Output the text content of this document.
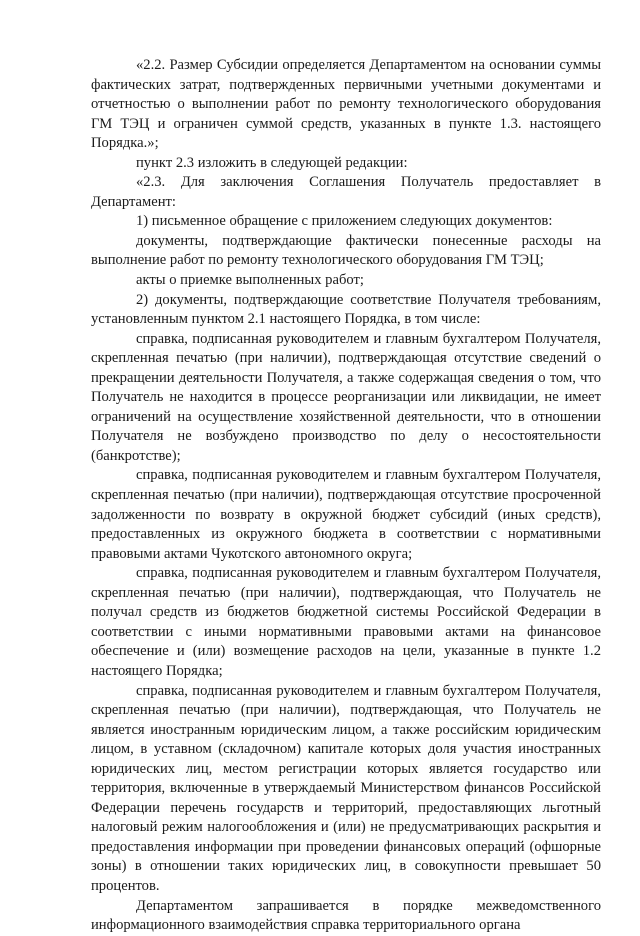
«2.2. Размер Субсидии определяется Департаментом на основании суммы фактических затрат, подтвержденных первичными учетными документами и отчетностью о выполнении работ по ремонту технологического оборудования ГМ ТЭЦ и ограничен суммой средств, указанных в пункте 1.3. настоящего Порядка.»;

пункт 2.3 изложить в следующей редакции:

«2.3. Для заключения Соглашения Получатель предоставляет в Департамент:

1) письменное обращение с приложением следующих документов:

документы, подтверждающие фактически понесенные расходы на выполнение работ по ремонту технологического оборудования ГМ ТЭЦ;

акты о приемке выполненных работ;

2) документы, подтверждающие соответствие Получателя требованиям, установленным пунктом 2.1 настоящего Порядка, в том числе:

справка, подписанная руководителем и главным бухгалтером Получателя, скрепленная печатью (при наличии), подтверждающая отсутствие сведений о прекращении деятельности Получателя, а также содержащая сведения о том, что Получатель не находится в процессе реорганизации или ликвидации, не имеет ограничений на осуществление хозяйственной деятельности, что в отношении Получателя не возбуждено производство по делу о несостоятельности (банкротстве);

справка, подписанная руководителем и главным бухгалтером Получателя, скрепленная печатью (при наличии), подтверждающая отсутствие просроченной задолженности по возврату в окружной бюджет субсидий (иных средств), предоставленных из окружного бюджета в соответствии с нормативными правовыми актами Чукотского автономного округа;

справка, подписанная руководителем и главным бухгалтером Получателя, скрепленная печатью (при наличии), подтверждающая, что Получатель не получал средств из бюджетов бюджетной системы Российской Федерации в соответствии с иными нормативными правовыми актами на финансовое обеспечение и (или) возмещение расходов на цели, указанные в пункте 1.2 настоящего Порядка;

справка, подписанная руководителем и главным бухгалтером Получателя, скрепленная печатью (при наличии), подтверждающая, что Получатель не является иностранным юридическим лицом, а также российским юридическим лицом, в уставном (складочном) капитале которых доля участия иностранных юридических лиц, местом регистрации которых является государство или территория, включенные в утверждаемый Министерством финансов Российской Федерации перечень государств и территорий, предоставляющих льготный налоговый режим налогообложения и (или) не предусматривающих раскрытия и предоставления информации при проведении финансовых операций (офшорные зоны) в отношении таких юридических лиц, в совокупности превышает 50 процентов.

Департаментом запрашивается в порядке межведомственного информационного взаимодействия справка территориального органа
